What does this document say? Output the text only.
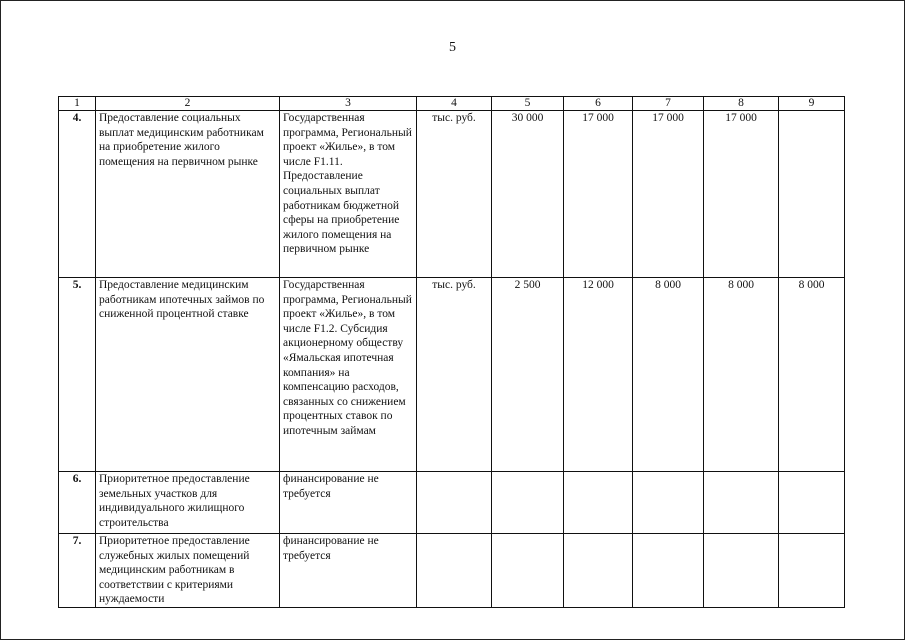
5
1	2	3	4	5	6	7	8	9
4.	Предоставление социальных выплат медицинским работникам на приобретение жилого помещения на первичном рынке	Государственная программа, Региональный проект «Жилье», в том числе F1.11. Предоставление социальных выплат работникам бюджетной сферы на приобретение жилого помещения на первичном рынке	тыс. руб.	30 000	17 000	17 000	17 000	
5.	Предоставление медицинским работникам ипотечных займов по сниженной процентной ставке	Государственная программа, Региональный проект «Жилье», в том числе F1.2. Субсидия акционерному обществу «Ямальская ипотечная компания» на компенсацию расходов, связанных со снижением процентных ставок по ипотечным займам	тыс. руб.	2 500	12 000	8 000	8 000	8 000
6.	Приоритетное предоставление земельных участков для индивидуального жилищного строительства	финансирование не требуется						
7.	Приоритетное предоставление служебных жилых помещений медицинским работникам в соответствии с критериями нуждаемости	финансирование не требуется						
